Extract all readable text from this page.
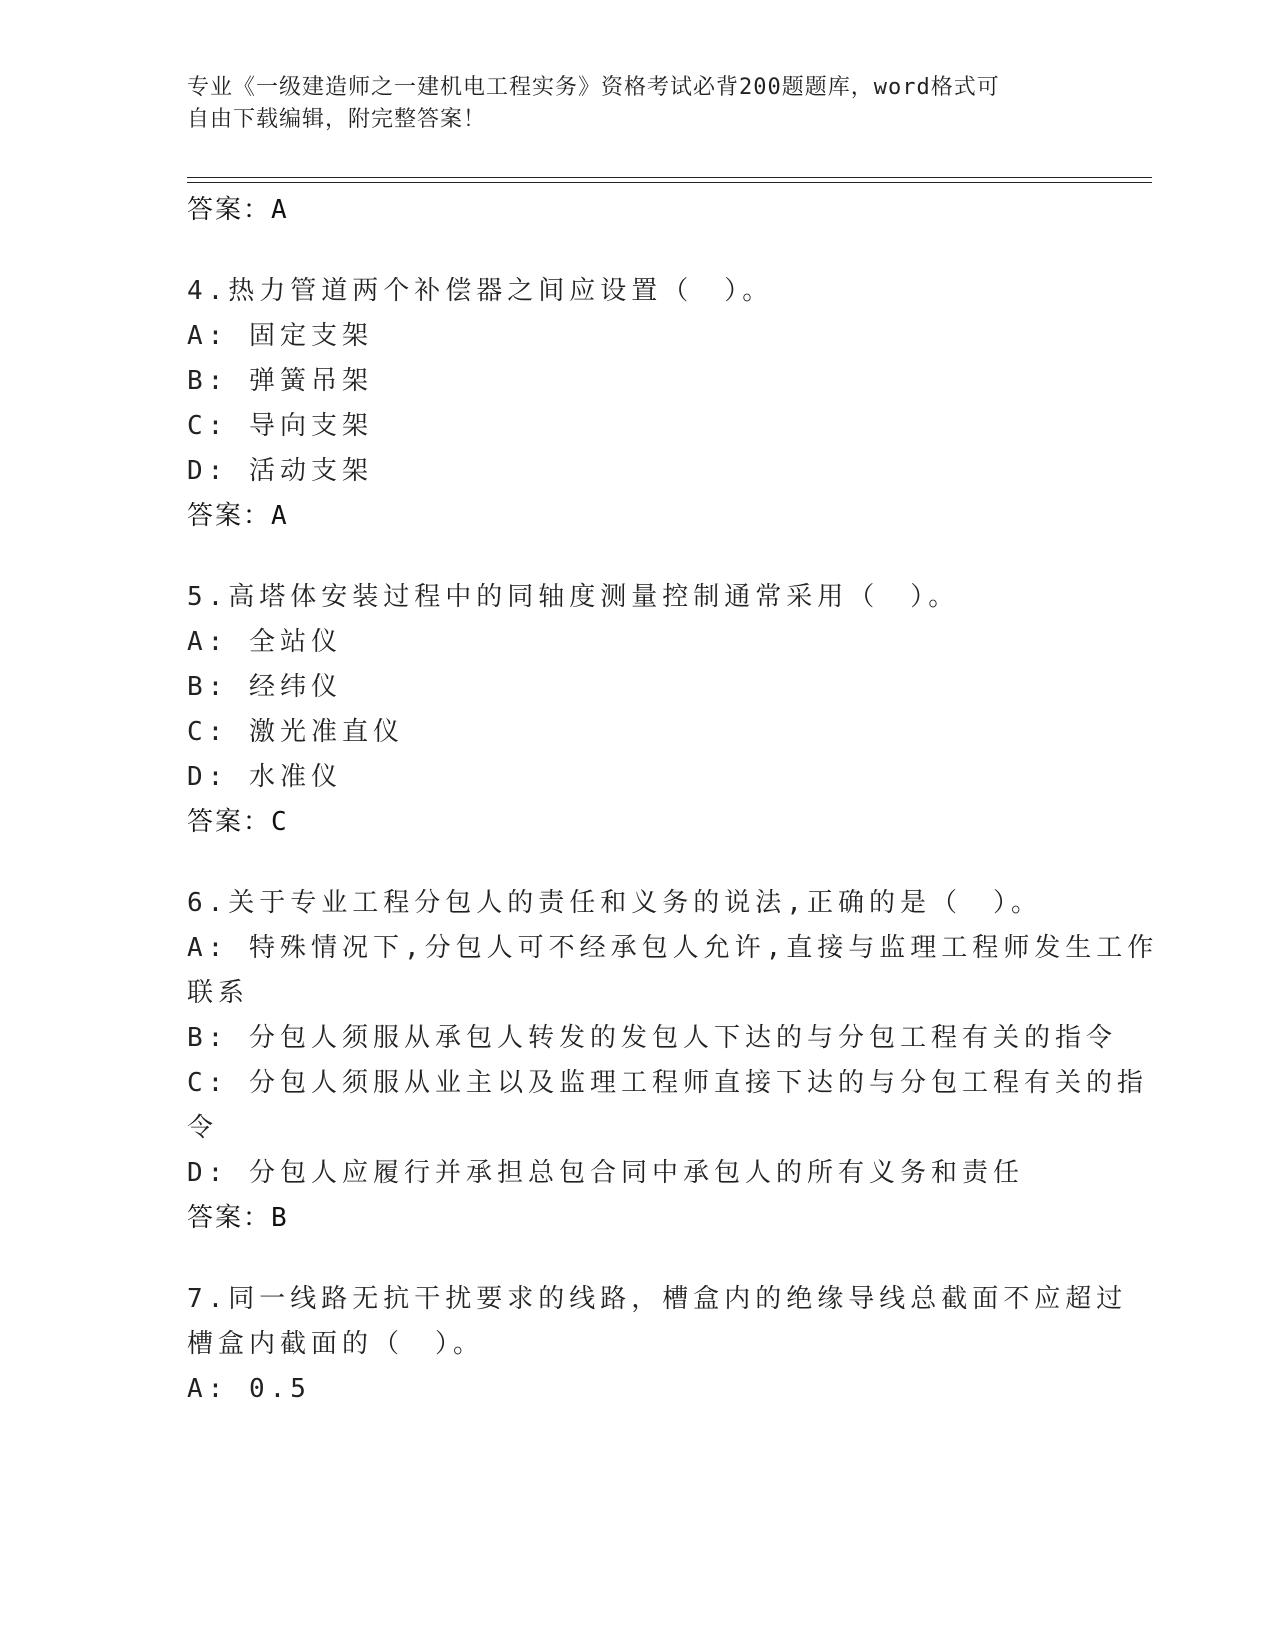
专业《一级建造师之一建机电工程实务》资格考试必背200题题库，word格式可
自由下载编辑，附完整答案！
答案：A
4.热力管道两个补偿器之间应设置（　）。
A: 固定支架
B: 弹簧吊架
C: 导向支架
D: 活动支架
答案：A
5.高塔体安装过程中的同轴度测量控制通常采用（　）。
A: 全站仪
B: 经纬仪
C: 激光准直仪
D: 水准仪
答案：C
6.关于专业工程分包人的责任和义务的说法,正确的是（　）。
A: 特殊情况下,分包人可不经承包人允许,直接与监理工程师发生工作
联系
B: 分包人须服从承包人转发的发包人下达的与分包工程有关的指令
C: 分包人须服从业主以及监理工程师直接下达的与分包工程有关的指
令
D: 分包人应履行并承担总包合同中承包人的所有义务和责任
答案：B
7.同一线路无抗干扰要求的线路，槽盒内的绝缘导线总截面不应超过
槽盒内截面的（　）。
A: 0.5
